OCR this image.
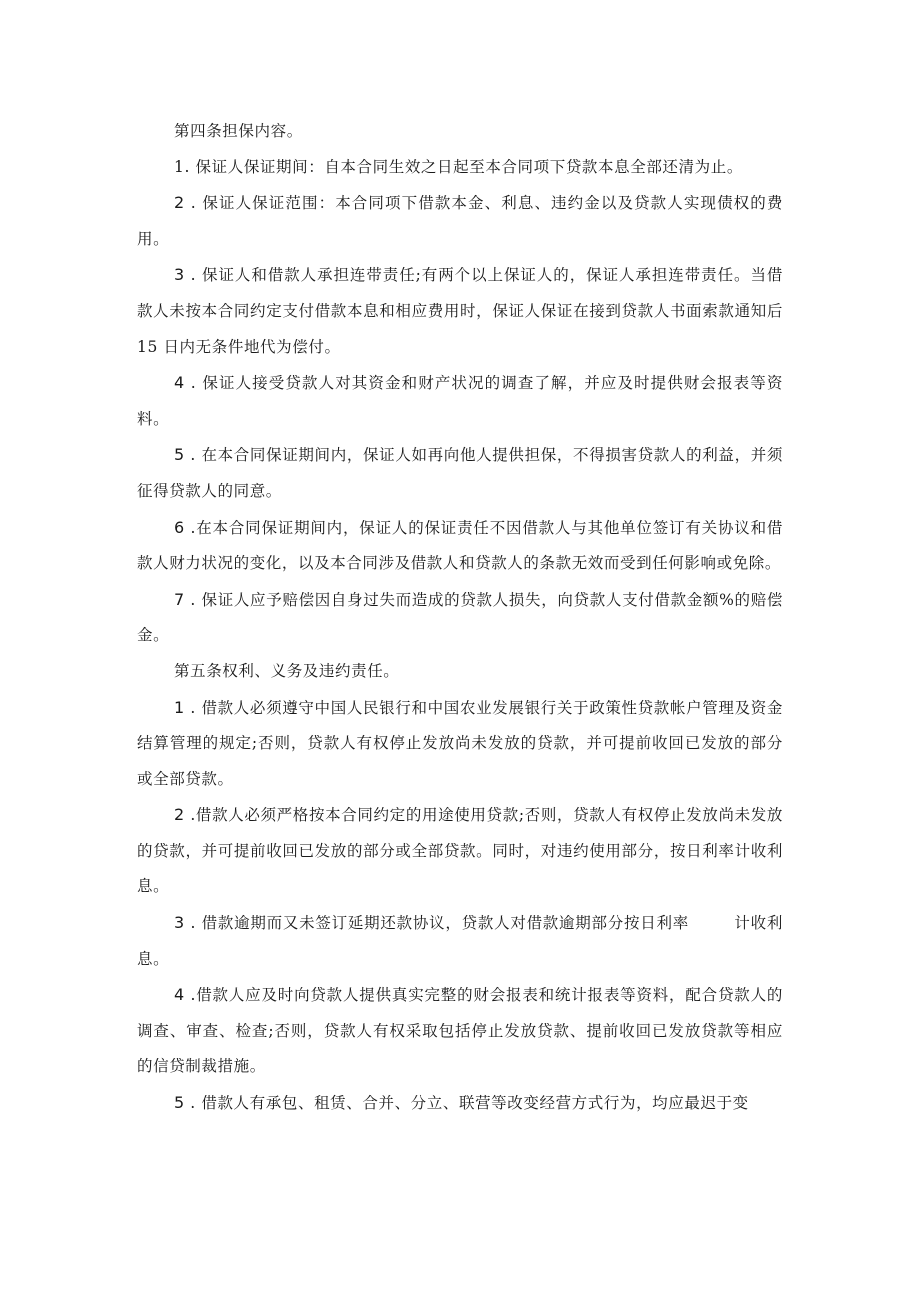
第四条担保内容。

1. 保证人保证期间：自本合同生效之日起至本合同项下贷款本息全部还清为止。

2 . 保证人保证范围：本合同项下借款本金、利息、违约金以及贷款人实现债权的费用。

3 . 保证人和借款人承担连带责任;有两个以上保证人的，保证人承担连带责任。当借款人未按本合同约定支付借款本息和相应费用时，保证人保证在接到贷款人书面索款通知后 15 日内无条件地代为偿付。

4 . 保证人接受贷款人对其资金和财产状况的调查了解，并应及时提供财会报表等资料。

5 . 在本合同保证期间内，保证人如再向他人提供担保，不得损害贷款人的利益，并须征得贷款人的同意。

6 .在本合同保证期间内，保证人的保证责任不因借款人与其他单位签订有关协议和借款人财力状况的变化，以及本合同涉及借款人和贷款人的条款无效而受到任何影响或免除。

7 . 保证人应予赔偿因自身过失而造成的贷款人损失，向贷款人支付借款金额%的赔偿金。

第五条权利、义务及违约责任。

1 . 借款人必须遵守中国人民银行和中国农业发展银行关于政策性贷款帐户管理及资金结算管理的规定;否则，贷款人有权停止发放尚未发放的贷款，并可提前收回已发放的部分或全部贷款。

2 .借款人必须严格按本合同约定的用途使用贷款;否则，贷款人有权停止发放尚未发放的贷款，并可提前收回已发放的部分或全部贷款。同时，对违约使用部分，按日利率计收利息。

3 . 借款逾期而又未签订延期还款协议，贷款人对借款逾期部分按日利率        计收利息。

4 .借款人应及时向贷款人提供真实完整的财会报表和统计报表等资料，配合贷款人的调查、审查、检查;否则，贷款人有权采取包括停止发放贷款、提前收回已发放贷款等相应的信贷制裁措施。

5 . 借款人有承包、租赁、合并、分立、联营等改变经营方式行为，均应最迟于变
